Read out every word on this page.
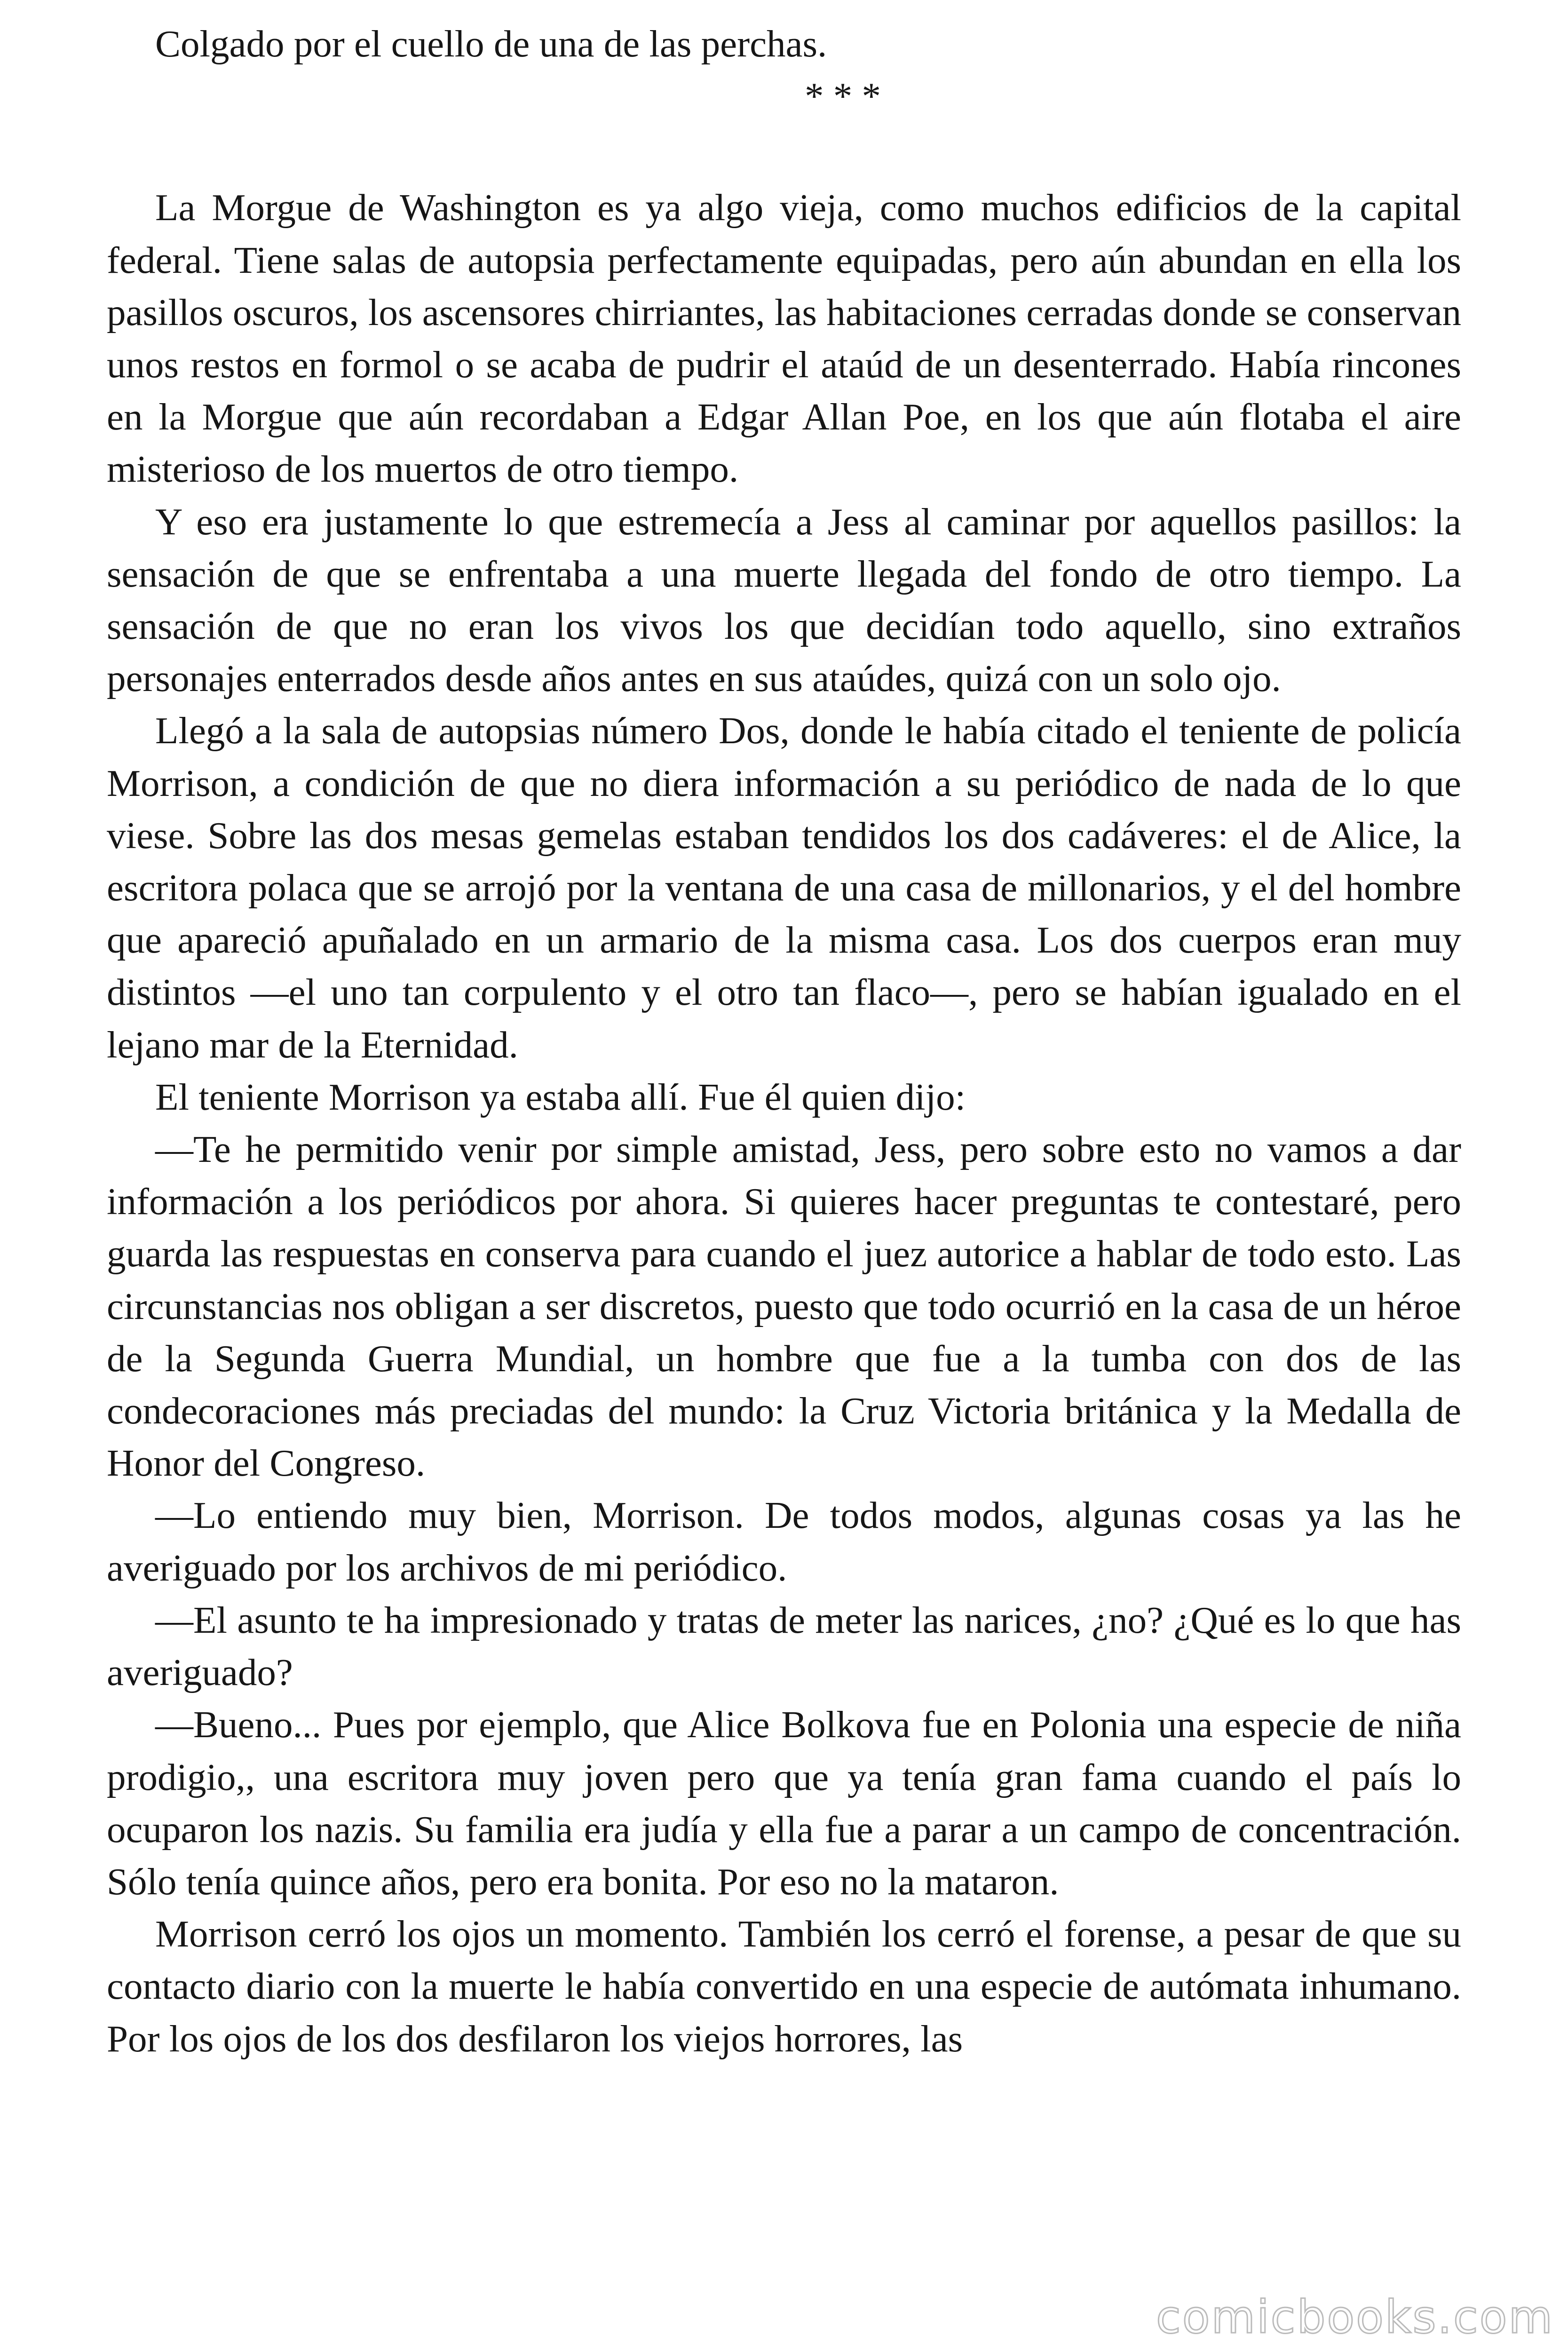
Colgado por el cuello de una de las perchas.

* * *

La Morgue de Washington es ya algo vieja, como muchos edificios de la capital federal. Tiene salas de autopsia perfectamente equipadas, pero aún abundan en ella los pasillos oscuros, los ascensores chirriantes, las habitaciones cerradas donde se conservan unos restos en formol o se acaba de pudrir el ataúd de un desenterrado. Había rincones en la Morgue que aún recordaban a Edgar Allan Poe, en los que aún flotaba el aire misterioso de los muertos de otro tiempo.

Y eso era justamente lo que estremecía a Jess al caminar por aquellos pasillos: la sensación de que se enfrentaba a una muerte llegada del fondo de otro tiempo. La sensación de que no eran los vivos los que decidían todo aquello, sino extraños personajes enterrados desde años antes en sus ataúdes, quizá con un solo ojo.

Llegó a la sala de autopsias número Dos, donde le había citado el teniente de policía Morrison, a condición de que no diera información a su periódico de nada de lo que viese. Sobre las dos mesas gemelas estaban tendidos los dos cadáveres: el de Alice, la escritora polaca que se arrojó por la ventana de una casa de millonarios, y el del hombre que apareció apuñalado en un armario de la misma casa. Los dos cuerpos eran muy distintos —el uno tan corpulento y el otro tan flaco—, pero se habían igualado en el lejano mar de la Eternidad.

El teniente Morrison ya estaba allí. Fue él quien dijo:

—Te he permitido venir por simple amistad, Jess, pero sobre esto no vamos a dar información a los periódicos por ahora. Si quieres hacer preguntas te contestaré, pero guarda las respuestas en conserva para cuando el juez autorice a hablar de todo esto. Las circunstancias nos obligan a ser discretos, puesto que todo ocurrió en la casa de un héroe de la Segunda Guerra Mundial, un hombre que fue a la tumba con dos de las condecoraciones más preciadas del mundo: la Cruz Victoria británica y la Medalla de Honor del Congreso.

—Lo entiendo muy bien, Morrison. De todos modos, algunas cosas ya las he averiguado por los archivos de mi periódico.

—El asunto te ha impresionado y tratas de meter las narices, ¿no? ¿Qué es lo que has averiguado?

—Bueno... Pues por ejemplo, que Alice Bolkova fue en Polonia una especie de niña prodigio,, una escritora muy joven pero que ya tenía gran fama cuando el país lo ocuparon los nazis. Su familia era judía y ella fue a parar a un campo de concentración. Sólo tenía quince años, pero era bonita. Por eso no la mataron.

Morrison cerró los ojos un momento. También los cerró el forense, a pesar de que su contacto diario con la muerte le había convertido en una especie de autómata inhumano. Por los ojos de los dos desfilaron los viejos horrores, las

comicbooks.com
